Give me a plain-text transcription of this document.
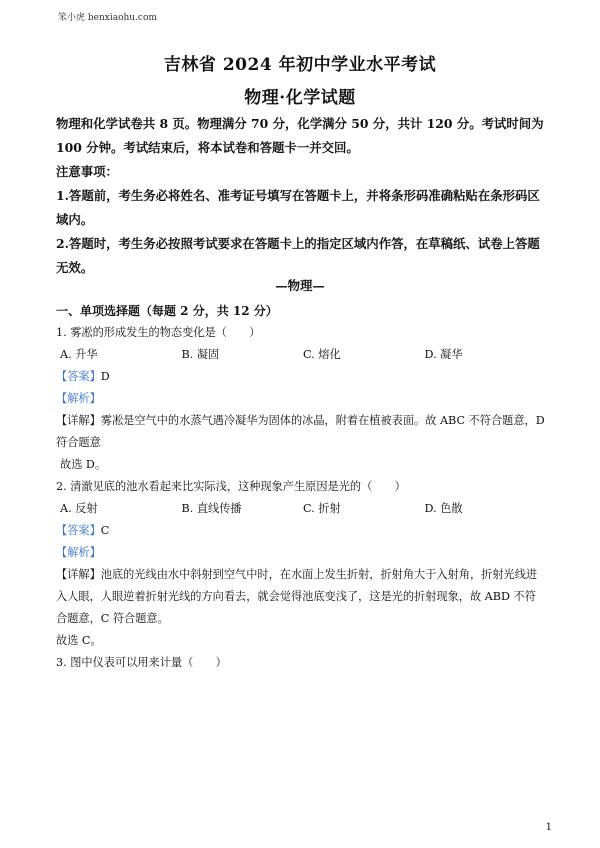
笨小虎 benxiaohu.com
吉林省 2024 年初中学业水平考试
物理·化学试题

物理和化学试卷共 8 页。物理满分 70 分，化学满分 50 分，共计 120 分。考试时间为 100 分钟。考试结束后，将本试卷和答题卡一并交回。

注意事项：

1.答题前，考生务必将姓名、准考证号填写在答题卡上，并将条形码准确粘贴在条形码区域内。

2.答题时，考生务必按照考试要求在答题卡上的指定区域内作答，在草稿纸、试卷上答题无效。

—物理—

一、单项选择题（每题 2 分，共 12 分）

1. 雾凇的形成发生的物态变化是（　　）

A. 升华	B. 凝固	C. 熔化	D. 凝华

【答案】D

【解析】

【详解】雾凇是空气中的水蒸气遇冷凝华为固体的冰晶，附着在植被表面。故 ABC 不符合题意，D 符合题意

故选 D。

2. 清澈见底的池水看起来比实际浅，这种现象产生原因是光的（　　）

A. 反射	B. 直线传播	C. 折射	D. 色散

【答案】C

【解析】

【详解】池底的光线由水中斜射到空气中时，在水面上发生折射，折射角大于入射角，折射光线进入人眼，人眼逆着折射光线的方向看去，就会觉得池底变浅了，这是光的折射现象，故 ABD 不符合题意，C 符合题意。

故选 C。

3. 图中仪表可以用来计量（　　）

1
